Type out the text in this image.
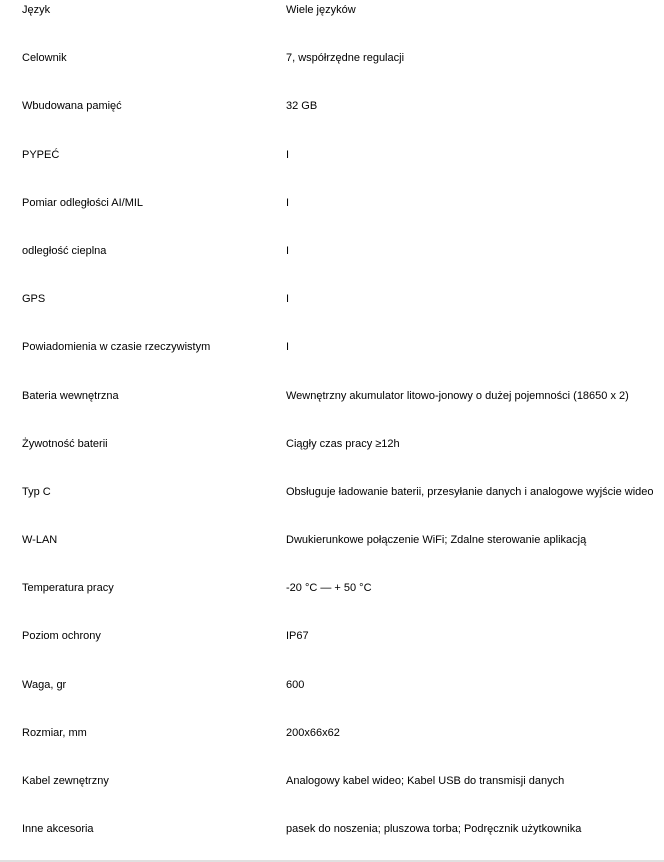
Język	Wiele języków
Celownik	7, współrzędne regulacji
Wbudowana pamięć	32 GB
PYPEĆ	I
Pomiar odległości AI/MIL	I
odległość cieplna	I
GPS	I
Powiadomienia w czasie rzeczywistym	I
Bateria wewnętrzna	Wewnętrzny akumulator litowo-jonowy o dużej pojemności (18650 x 2)
Żywotność baterii	Ciągły czas pracy ≥12h
Typ C	Obsługuje ładowanie baterii, przesyłanie danych i analogowe wyjście wideo
W-LAN	Dwukierunkowe połączenie WiFi; Zdalne sterowanie aplikacją
Temperatura pracy	-20 °C — + 50 °C
Poziom ochrony	IP67
Waga, gr	600
Rozmiar, mm	200x66x62
Kabel zewnętrzny	Analogowy kabel wideo; Kabel USB do transmisji danych
Inne akcesoria	pasek do noszenia; pluszowa torba; Podręcznik użytkownika
